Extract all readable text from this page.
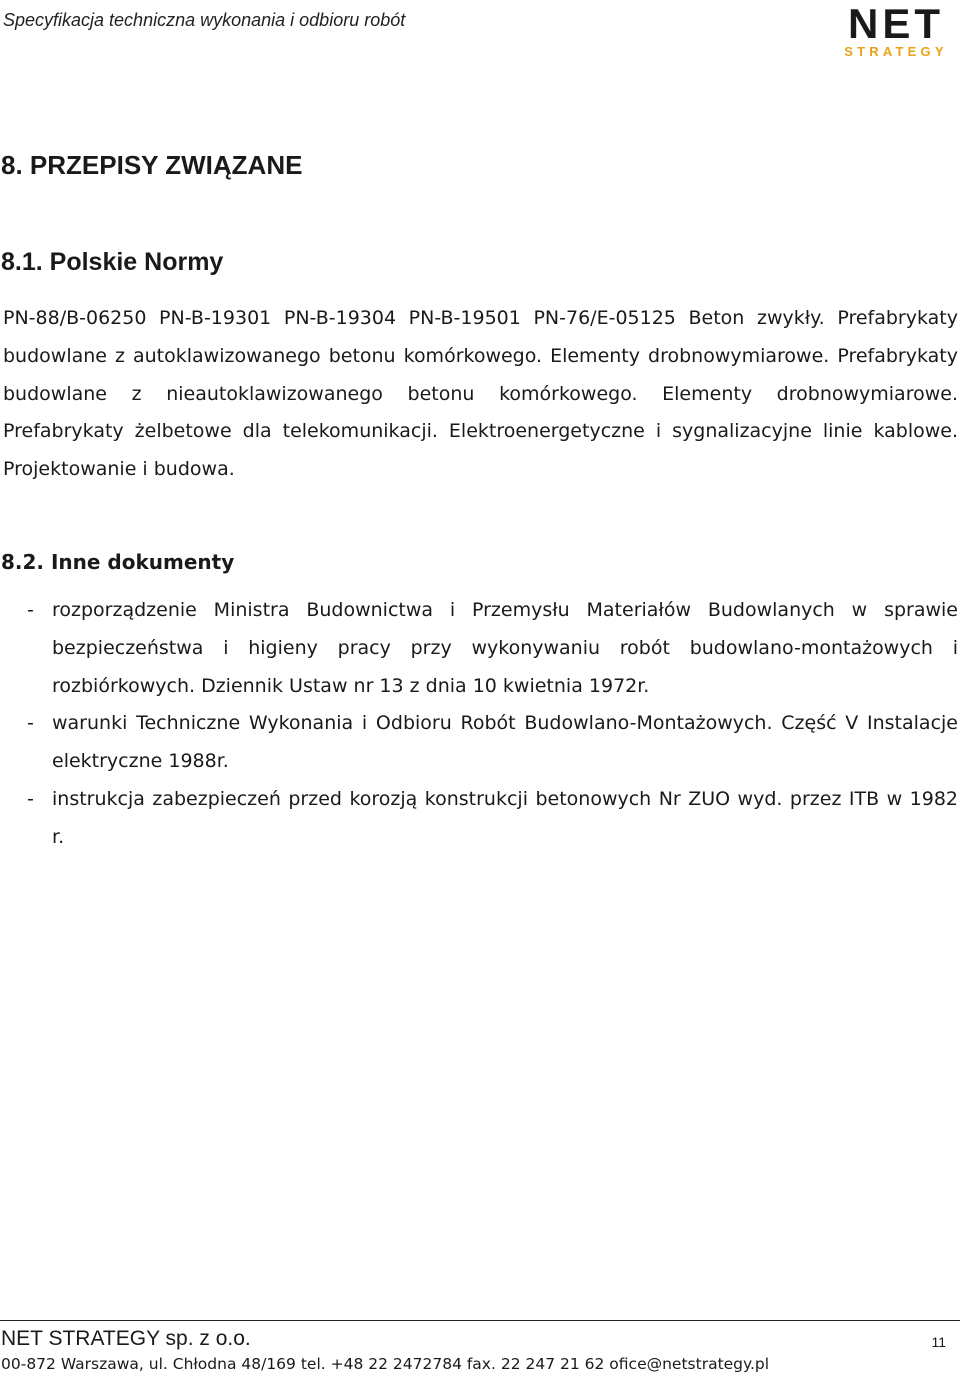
Specyfikacja techniczna wykonania i odbioru robót	NET
STRATEGY
8. PRZEPISY ZWIĄZANE
8.1. Polskie Normy
PN-88/B-06250 PN-B-19301 PN-B-19304 PN-B-19501 PN-76/E-05125 Beton zwykły. Prefabrykaty budowlane z autoklawizowanego betonu komórkowego. Elementy drobnowymiarowe. Prefabrykaty budowlane z nieautoklawizowanego betonu komórkowego. Elementy drobnowymiarowe. Prefabrykaty żelbetowe dla telekomunikacji. Elektroenergetyczne i sygnalizacyjne linie kablowe. Projektowanie i budowa.
8.2. Inne dokumenty
- rozporządzenie Ministra Budownictwa i Przemysłu Materiałów Budowlanych w sprawie bezpieczeństwa i higieny pracy przy wykonywaniu robót budowlano-montażowych i rozbiórkowych. Dziennik Ustaw nr 13 z dnia 10 kwietnia 1972r.
- warunki Techniczne Wykonania i Odbioru Robót Budowlano-Montażowych. Część V Instalacje elektryczne 1988r.
- instrukcja zabezpieczeń przed korozją konstrukcji betonowych Nr ZUO wyd. przez ITB w 1982 r.
NET STRATEGY sp. z o.o.	11
00-872 Warszawa, ul. Chłodna 48/169 tel. +48 22 2472784 fax. 22 247 21 62 ofice@netstrategy.pl
